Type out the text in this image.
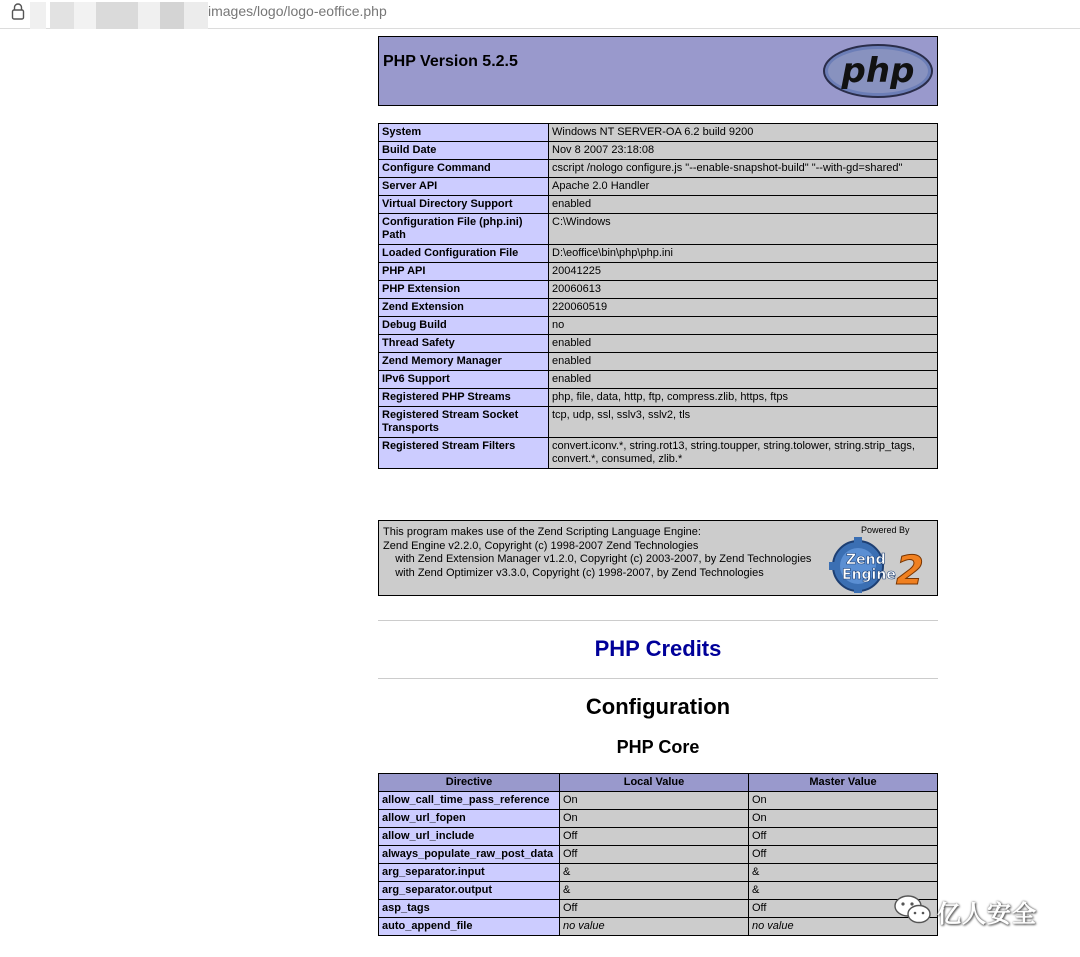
images/logo/logo-eoffice.php
PHP Version 5.2.5	php
System	Windows NT SERVER-OA 6.2 build 9200
Build Date	Nov 8 2007 23:18:08
Configure Command	cscript /nologo configure.js "--enable-snapshot-build" "--with-gd=shared"
Server API	Apache 2.0 Handler
Virtual Directory Support	enabled
Configuration File (php.ini) Path	C:\Windows
Loaded Configuration File	D:\eoffice\bin\php\php.ini
PHP API	20041225
PHP Extension	20060613
Zend Extension	220060519
Debug Build	no
Thread Safety	enabled
Zend Memory Manager	enabled
IPv6 Support	enabled
Registered PHP Streams	php, file, data, http, ftp, compress.zlib, https, ftps
Registered Stream Socket Transports	tcp, udp, ssl, sslv3, sslv2, tls
Registered Stream Filters	convert.iconv.*, string.rot13, string.toupper, string.tolower, string.strip_tags, convert.*, consumed, zlib.*
This program makes use of the Zend Scripting Language Engine:
Zend Engine v2.2.0, Copyright (c) 1998-2007 Zend Technologies
with Zend Extension Manager v1.2.0, Copyright (c) 2003-2007, by Zend Technologies
with Zend Optimizer v3.3.0, Copyright (c) 1998-2007, by Zend Technologies
Powered By
Zend
Engine 2
PHP Credits
Configuration
PHP Core
Directive	Local Value	Master Value
allow_call_time_pass_reference	On	On
allow_url_fopen	On	On
allow_url_include	Off	Off
always_populate_raw_post_data	Off	Off
arg_separator.input	&	&
arg_separator.output	&	&
asp_tags	Off	Off
auto_append_file	no value	no value	亿人安全
